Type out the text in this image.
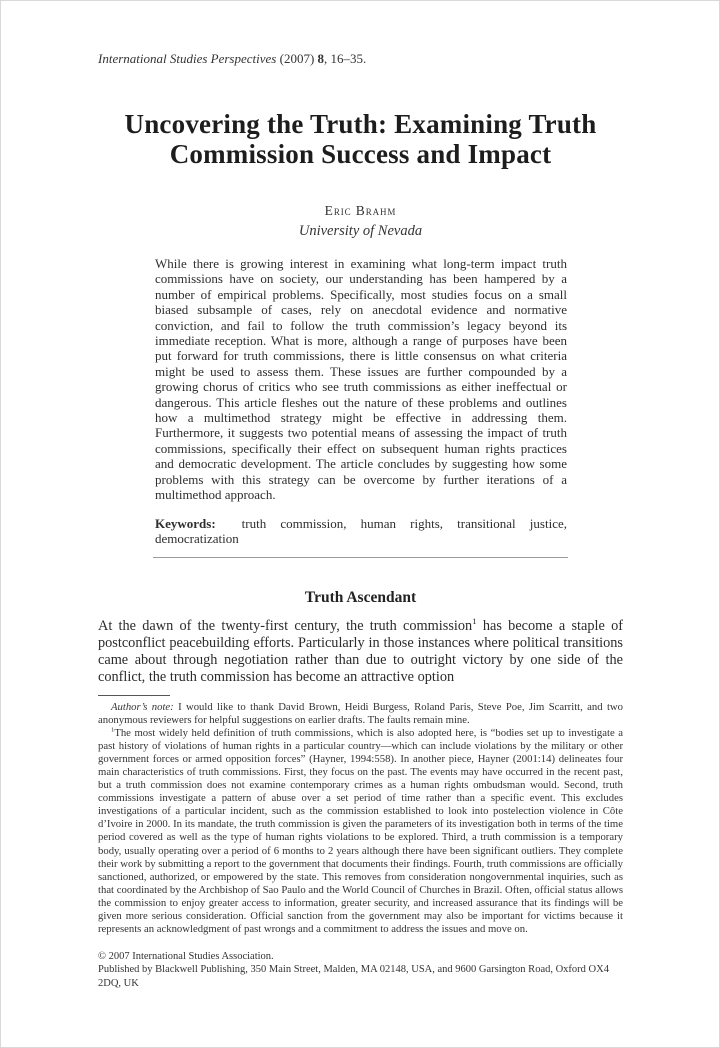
International Studies Perspectives (2007) 8, 16–35.
Uncovering the Truth: Examining Truth
Commission Success and Impact
Eric Brahm
University of Nevada
While there is growing interest in examining what long-term impact truth commissions have on society, our understanding has been hampered by a number of empirical problems. Specifically, most studies focus on a small biased subsample of cases, rely on anecdotal evidence and normative conviction, and fail to follow the truth commission’s legacy beyond its immediate reception. What is more, although a range of purposes have been put forward for truth commissions, there is little consensus on what criteria might be used to assess them. These issues are further compounded by a growing chorus of critics who see truth commissions as either ineffectual or dangerous. This article fleshes out the nature of these problems and outlines how a multimethod strategy might be effective in addressing them. Furthermore, it suggests two potential means of assessing the impact of truth commissions, specifically their effect on subsequent human rights practices and democratic development. The article concludes by suggesting how some problems with this strategy can be overcome by further iterations of a multimethod approach.
Keywords: truth commission, human rights, transitional justice, democratization
Truth Ascendant
At the dawn of the twenty-first century, the truth commission$^1$ has become a staple of postconflict peacebuilding efforts. Particularly in those instances where political transitions came about through negotiation rather than due to outright victory by one side of the conflict, the truth commission has become an attractive option

Author’s note: I would like to thank David Brown, Heidi Burgess, Roland Paris, Steve Poe, Jim Scarritt, and two anonymous reviewers for helpful suggestions on earlier drafts. The faults remain mine.

$^1$The most widely held definition of truth commissions, which is also adopted here, is “bodies set up to investigate a past history of violations of human rights in a particular country—which can include violations by the military or other government forces or armed opposition forces” (Hayner, 1994:558). In another piece, Hayner (2001:14) delineates four main characteristics of truth commissions. First, they focus on the past. The events may have occurred in the recent past, but a truth commission does not examine contemporary crimes as a human rights ombudsman would. Second, truth commissions investigate a pattern of abuse over a set period of time rather than a specific event. This excludes investigations of a particular incident, such as the commission established to look into postelection violence in Côte d’Ivoire in 2000. In its mandate, the truth commission is given the parameters of its investigation both in terms of the time period covered as well as the type of human rights violations to be explored. Third, a truth commission is a temporary body, usually operating over a period of 6 months to 2 years although there have been significant outliers. They complete their work by submitting a report to the government that documents their findings. Fourth, truth commissions are officially sanctioned, authorized, or empowered by the state. This removes from consideration nongovernmental inquiries, such as that coordinated by the Archbishop of Sao Paulo and the World Council of Churches in Brazil. Often, official status allows the commission to enjoy greater access to information, greater security, and increased assurance that its findings will be given more serious consideration. Official sanction from the government may also be important for victims because it represents an acknowledgment of past wrongs and a commitment to address the issues and move on.

© 2007 International Studies Association.
Published by Blackwell Publishing, 350 Main Street, Malden, MA 02148, USA, and 9600 Garsington Road, Oxford OX4 2DQ, UK
